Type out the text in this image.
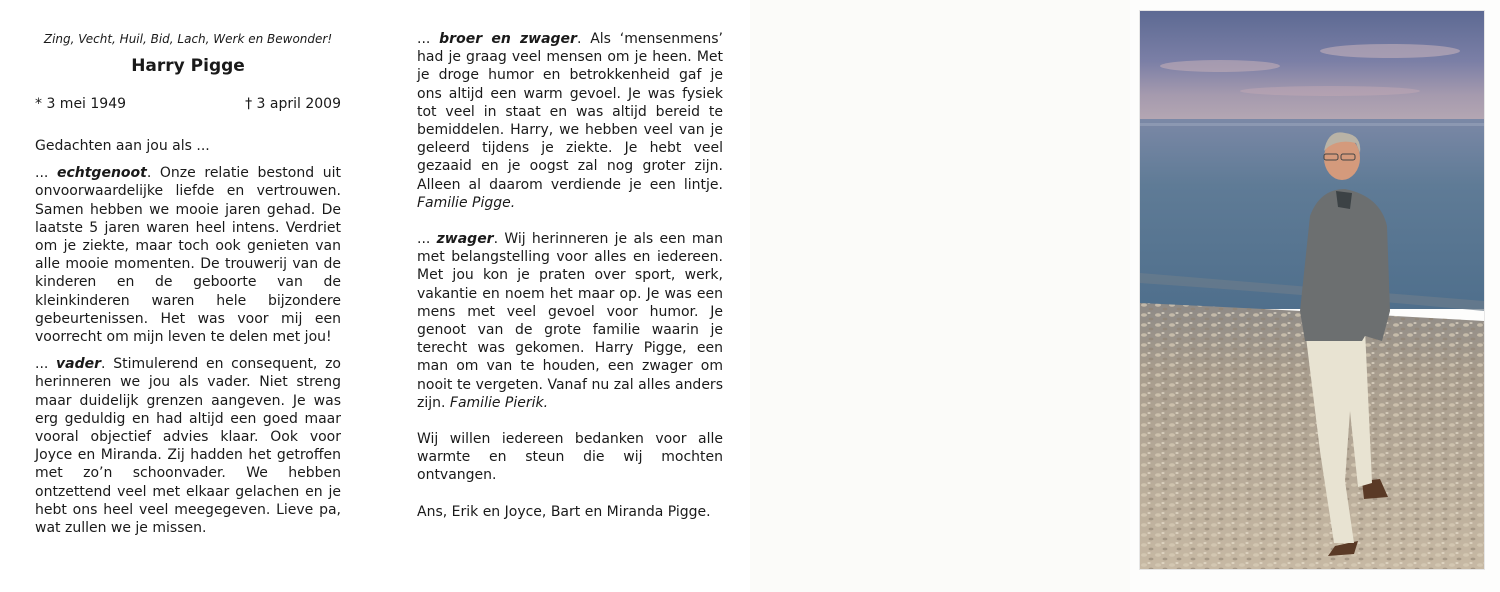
Zing, Vecht, Huil, Bid, Lach, Werk en Bewonder!
Harry Pigge
* 3 mei 1949	† 3 april 2009

Gedachten aan jou als ...

... echtgenoot. Onze relatie bestond uit onvoorwaardelijke liefde en vertrouwen. Samen hebben we mooie jaren gehad. De laatste 5 jaren waren heel intens. Verdriet om je ziekte, maar toch ook genieten van alle mooie momenten. De trouwerij van de kinderen en de geboorte van de kleinkinderen waren hele bijzondere gebeurtenissen. Het was voor mij een voorrecht om mijn leven te delen met jou!

... vader. Stimulerend en consequent, zo herinneren we jou als vader. Niet streng maar duidelijk grenzen aangeven. Je was erg geduldig en had altijd een goed maar vooral objectief advies klaar. Ook voor Joyce en Miranda. Zij hadden het getroffen met zo’n schoonvader. We hebben ontzettend veel met elkaar gelachen en je hebt ons heel veel meegegeven. Lieve pa, wat zullen we je missen.

... broer en zwager. Als ‘mensenmens’ had je graag veel mensen om je heen. Met je droge humor en betrokkenheid gaf je ons altijd een warm gevoel. Je was fysiek tot veel in staat en was altijd bereid te bemiddelen. Harry, we hebben veel van je geleerd tijdens je ziekte. Je hebt veel gezaaid en je oogst zal nog groter zijn. Alleen al daarom verdiende je een lintje. Familie Pigge.

... zwager. Wij herinneren je als een man met belangstelling voor alles en iedereen. Met jou kon je praten over sport, werk, vakantie en noem het maar op. Je was een mens met veel gevoel voor humor. Je genoot van de grote familie waarin je terecht was gekomen. Harry Pigge, een man om van te houden, een zwager om nooit te vergeten. Vanaf nu zal alles anders zijn. Familie Pierik.

Wij willen iedereen bedanken voor alle warmte en steun die wij mochten ontvangen.

Ans, Erik en Joyce, Bart en Miranda Pigge.
